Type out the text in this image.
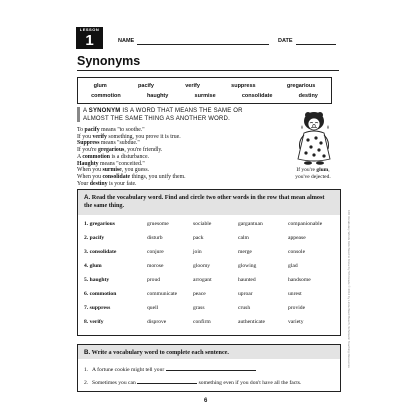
LESSON
1	NAME	DATE
Synonyms
glum	pacify	verify	suppress	gregarious
commotion	haughty	surmise	consolidate	destiny
A SYNONYM IS A WORD THAT MEANS THE SAME OR
ALMOST THE SAME THING AS ANOTHER WORD.
To pacify means "to soothe."
If you verify something, you prove it is true.
Suppress means "subdue."
If you're gregarious, you're friendly.
A commotion is a disturbance.
Haughty means "conceited."
When you surmise, you guess.	If you're glum,
you've dejected.
A. Read the vocabulary word. Find and circle two other words in the row that mean almost the same thing.
1. gregarious	gruesome	sociable	gargantuan	companionable
2. pacify	disturb	pack	calm	appease
3. consolidate	conjure	join	merge	console
4. glum	morose	gloomy	glowing	glad
5. haughty	proud	arrogant	haunted	handsome
6. commotion	communicate	peace	uproar	unrest
7. suppress	quell	grass	crush	provide
8. verify	disprove	confirm	authenticate	variety
B. Write a vocabulary word to complete each sentence.
1. A fortune cookie might tell your
2. Sometimes you can	something even if you don't have all the facts.
6
100 Vocabulary Words Kids Need to Know by 5th Grade © 2012 by Linda Ward Beech, Scholastic Teaching Resources
When you consolidate things, you unify them.
Your destiny is your fate.
